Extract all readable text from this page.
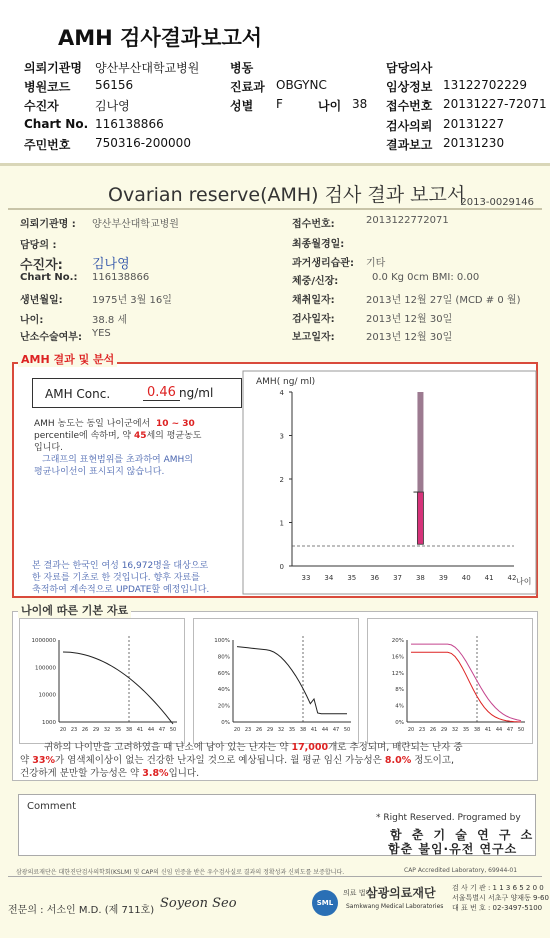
AMH 검사결과보고서
의뢰기관명 양산부산대학교병원
병원코드 56156
수진자	김나영
Chart No. 116138866
주민번호 750316-200000
병동
진료과 OBGYNC
성별 F	나이 38
담당의사
임상정보 13122702229
접수번호 20131227-72071
검사의뢰 20131227
결과보고 20131230
Ovarian reserve(AMH) 검사 결과 보고서
2013-0029146
의뢰기관명 : 양산부산대학교병원
담당의 :
수진자: 김나영
Chart No.: 116138866
생년월일:	1975년 3월 16일
나이:	38.8 세
난소수술여부: YES
접수번호:	2013122772071
최종월경일:
과거생리습관: 기타
체중/신장:	0.0 Kg 0cm BMI: 0.00
채취일자:	2013년 12월 27일 (MCD # 0 월)
검사일자:	2013년 12월 30일
보고일자:	2013년 12월 30일
AMH Conc.	0.46 ng/ml
AMH 농도는 동일 나이군에서 10 ~ 30
percentile에 속하며, 약 45세의 평균농도
입니다.
그래프의 표현범위를 초과하여 AMH의
평균나이선이 표시되지 않습니다.
본 결과는 한국인 여성 16,972명을 대상으로
한 자료를 기초로 한 것입니다. 향후 자료를
축적하여 계속적으로 UPDATE할 예정입니다.
AMH( ng/ ml)
0
1
2
3
4
33 34 35 36 37 38 39 40 41 42 나이
AMH 결과 및 분석
1000000
100000
10000
1000
20 23 26 29 32 35 38 41 44 47 50
100%
80%
60%
40%
20%
0%
20 23 26 29 32 35 38 41 44 47 50
20%
16%
12%
8%
4%
0%
20 23 26 29 32 35 38 41 44 47 50
나이에 따른 기본 자료
귀하의 나이만을 고려하였을 때 난소에 남아 있는 난자는 약 17,000개로 추정되며, 배란되는 난자 중
약 33%가 염색체이상이 없는 건강한 난자일 것으로 예상됩니다. 월 평균 임신 가능성은 8.0% 정도이고,
건강하게 분만할 가능성은 약 3.8%입니다.
Comment
* Right Reserved. Programed by
함 춘 기 술 연 구 소
함춘 불임·유전 연구소
삼광의료재단은 대한진단검사의학회(KSLM) 및 CAP의 신임 인증을 받은 우수검사실로 결과의 정확성과 신뢰도를 보증합니다.	CAP Accredited Laboratory, 69944-01
전문의 : 서소인 M.D. (제 711호) Soyeon Seo	SML
의료 법인
삼광의료재단
Samkwang Medical Laboratories
검 사 기 관 : 1 1 3 6 5 2 0 0
서울특별시 서초구 양재동 9-60
대 표 번 호 : 02-3497-5100
